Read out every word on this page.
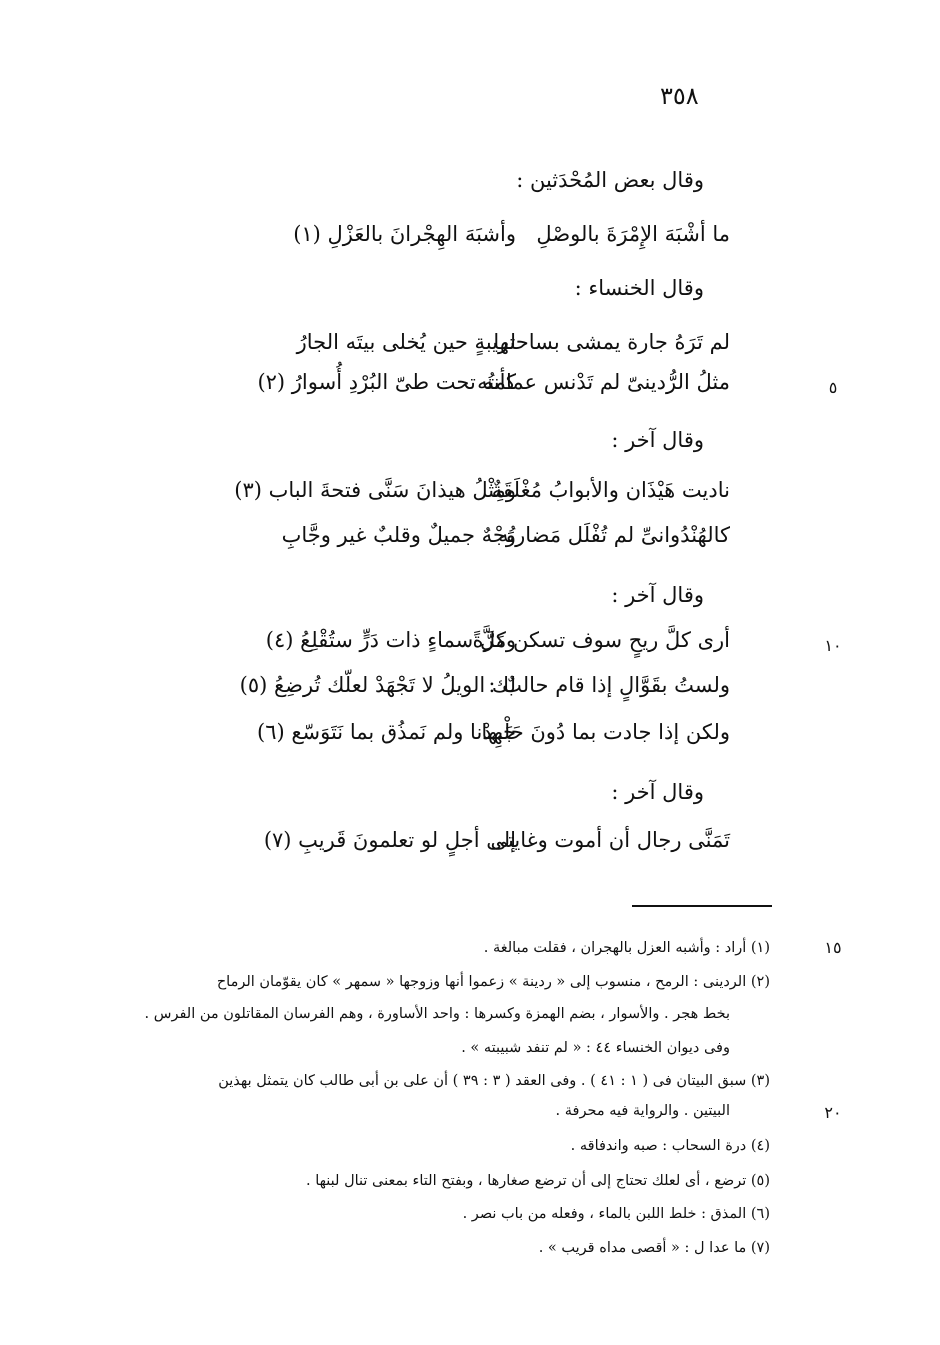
٣٥٨
وقال بعض المُحْدَثين :
ما أشْبَهَ الإِمْرَةَ بالوصْلِ
وأشبَهَ الهِجْرانَ بالعَزْلِ (١)
وقال الخنساء :
لم تَرَهُ جارة يمشى بساحتها
لريبةٍ حين يُخلى بيتَه الجارُ
مثلُ الرُّدينىّ لم تَدْنس عمامتُه
كأنه تحت طىّ البُرْدِ أُسوارُ (٢)
وقال آخر :
ناديت هَيْذَان والأبوابُ مُغْلَقَةٌ
ومِثْلُ هيذانَ سَنَّى فتحةَ الباب (٣)
كالهُنْدُوانىِّ لم تُفْلَل مَضاربُه
وَجْهٌ جميلٌ وقلبٌ غير وجَّابِ
وقال آخر :
أرى كلَّ ريحٍ سوف تسكن مَرَّةً
وكلَّ سماءٍ ذات دَرٍّ ستُقْلِعُ (٤)
ولستُ بقَوَّالٍ إذا قام حالبٌ :
لك الويلُ لا تَجْهَدْ لعلّك تُرضِعُ (٥)
ولكن إذا جادت بما دُونَ حَلْبها
جَهِدْنا ولم نَمذُق بما نَتَوَسّع (٦)
وقال آخر :
تَمَنَّى رجال أن أموت وغايتى
إلى أجلٍ لو تعلمونَ قَريبِ (٧)
٥
١٠
١٥
٢٠
(١) أراد : وأشبه العزل بالهجران ، فقلت مبالغة .
(٢) الردينى : الرمح ، منسوب إلى « ردينة » زعموا أنها وزوجها « سمهر » كان يقوّمان الرماح
بخط هجر . والأسوار ، بضم الهمزة وكسرها : واحد الأساورة ، وهم الفرسان المقاتلون من الفرس .
وفى ديوان الخنساء ٤٤ : « لم تنفد شبيبته » .
(٣) سبق البيتان فى ( ١ : ٤١ ) . وفى العقد ( ٣ : ٣٩ ) أن على بن أبى طالب كان يتمثل بهذين
البيتين . والرواية فيه محرفة .
(٤) درة السحاب : صبه واندفاقه .
(٥) ترضع ، أى لعلك تحتاج إلى أن ترضع صغارها ، وبفتح التاء بمعنى تنال لبنها .
(٦) المذق : خلط اللبن بالماء ، وفعله من باب نصر .
(٧) ما عدا ل : « أقصى مداه قريب » .
